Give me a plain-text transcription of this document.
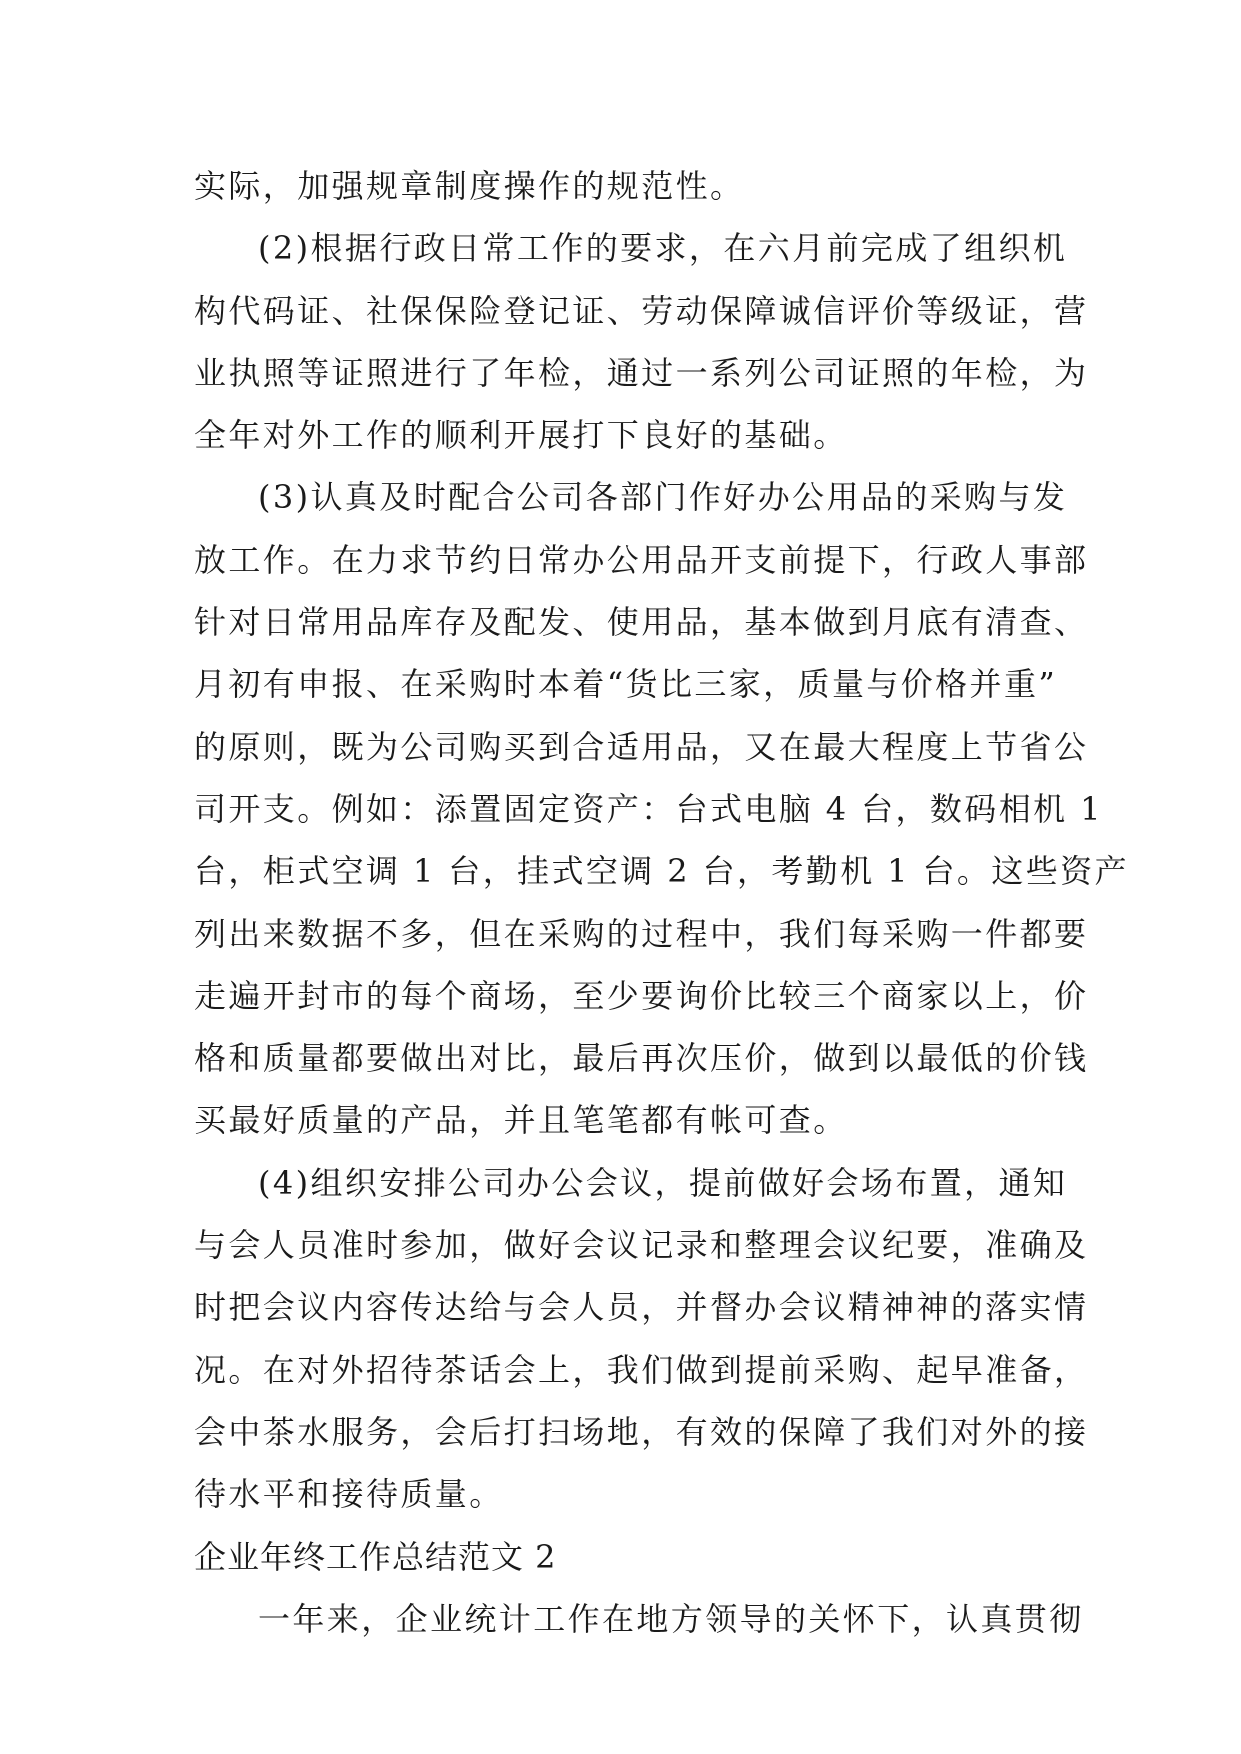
实际，加强规章制度操作的规范性。
(2)根据行政日常工作的要求，在六月前完成了组织机
构代码证、社保保险登记证、劳动保障诚信评价等级证，营
业执照等证照进行了年检，通过一系列公司证照的年检，为
全年对外工作的顺利开展打下良好的基础。
(3)认真及时配合公司各部门作好办公用品的采购与发
放工作。在力求节约日常办公用品开支前提下，行政人事部
针对日常用品库存及配发、使用品，基本做到月底有清查、
月初有申报、在采购时本着“货比三家，质量与价格并重”
的原则，既为公司购买到合适用品，又在最大程度上节省公
司开支。例如：添置固定资产：台式电脑 4 台，数码相机 1
台，柜式空调 1 台，挂式空调 2 台，考勤机 1 台。这些资产
列出来数据不多，但在采购的过程中，我们每采购一件都要
走遍开封市的每个商场，至少要询价比较三个商家以上，价
格和质量都要做出对比，最后再次压价，做到以最低的价钱
买最好质量的产品，并且笔笔都有帐可查。
(4)组织安排公司办公会议，提前做好会场布置，通知
与会人员准时参加，做好会议记录和整理会议纪要，准确及
时把会议内容传达给与会人员，并督办会议精神神的落实情
况。在对外招待茶话会上，我们做到提前采购、起早准备，
会中茶水服务，会后打扫场地，有效的保障了我们对外的接
待水平和接待质量。
企业年终工作总结范文 2
一年来，企业统计工作在地方领导的关怀下，认真贯彻
